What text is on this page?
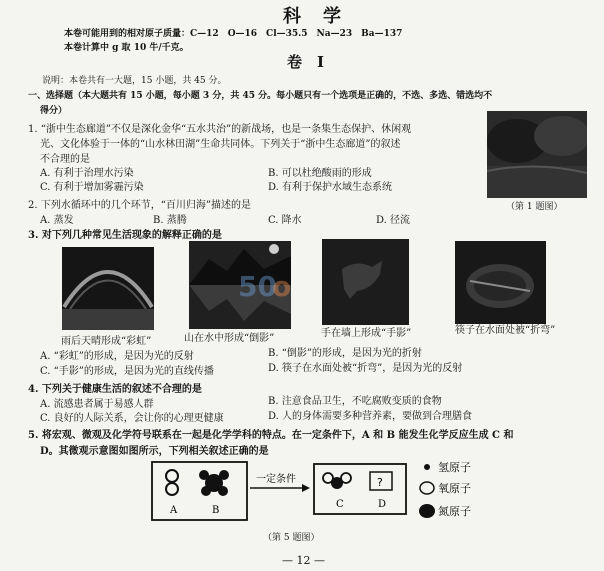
科　学
本卷可能用到的相对原子质量：C—12　O—16　Cl—35.5　Na—23　Ba—137
本卷计算中 g 取 10 牛/千克。
卷　Ⅰ
说明：本卷共有一大题，15 小题，共 45 分。
一、选择题（本大题共有 15 小题，每小题 3 分，共 45 分。每小题只有一个选项是正确的，不选、多选、错选均不
得分）
1. “浙中生态廊道”不仅是深化金华“五水共治”的新战场，也是一条集生态保护、休闲观
光、文化体验于一体的“山水林田湖”生命共同体。下列关于“浙中生态廊道”的叙述
不合理的是
A. 有利于治理水污染	B. 可以杜绝酸雨的形成
C. 有利于增加雾霾污染	D. 有利于保护水域生态系统
（第 1 题图）
2. 下列水循环中的几个环节，“百川归海”描述的是
A. 蒸发	B. 蒸腾	C. 降水	D. 径流
3. 对下列几种常见生活现象的解释正确的是
50
o
雨后天晴形成“彩虹”	山在水中形成“倒影”	手在墙上形成“手影”	筷子在水面处被“折弯”
A. “彩虹”的形成，是因为光的反射	B. “倒影”的形成，是因为光的折射
C. “手影”的形成，是因为光的直线传播	D. 筷子在水面处被“折弯”，是因为光的反射
4. 下列关于健康生活的叙述不合理的是
A. 流感患者属于易感人群	B. 注意食品卫生，不吃腐败变质的食物
C. 良好的人际关系，会让你的心理更健康	D. 人的身体需要多种营养素，要做到合理膳食
5. 将宏观、微观及化学符号联系在一起是化学学科的特点。在一定条件下，A 和 B 能发生化学反应生成 C 和
D。其微观示意图如图所示，下列相关叙述正确的是
A	B
一定条件	?
C	D
氢原子
氧原子
氮原子
（第 5 题图）
— 12 —
